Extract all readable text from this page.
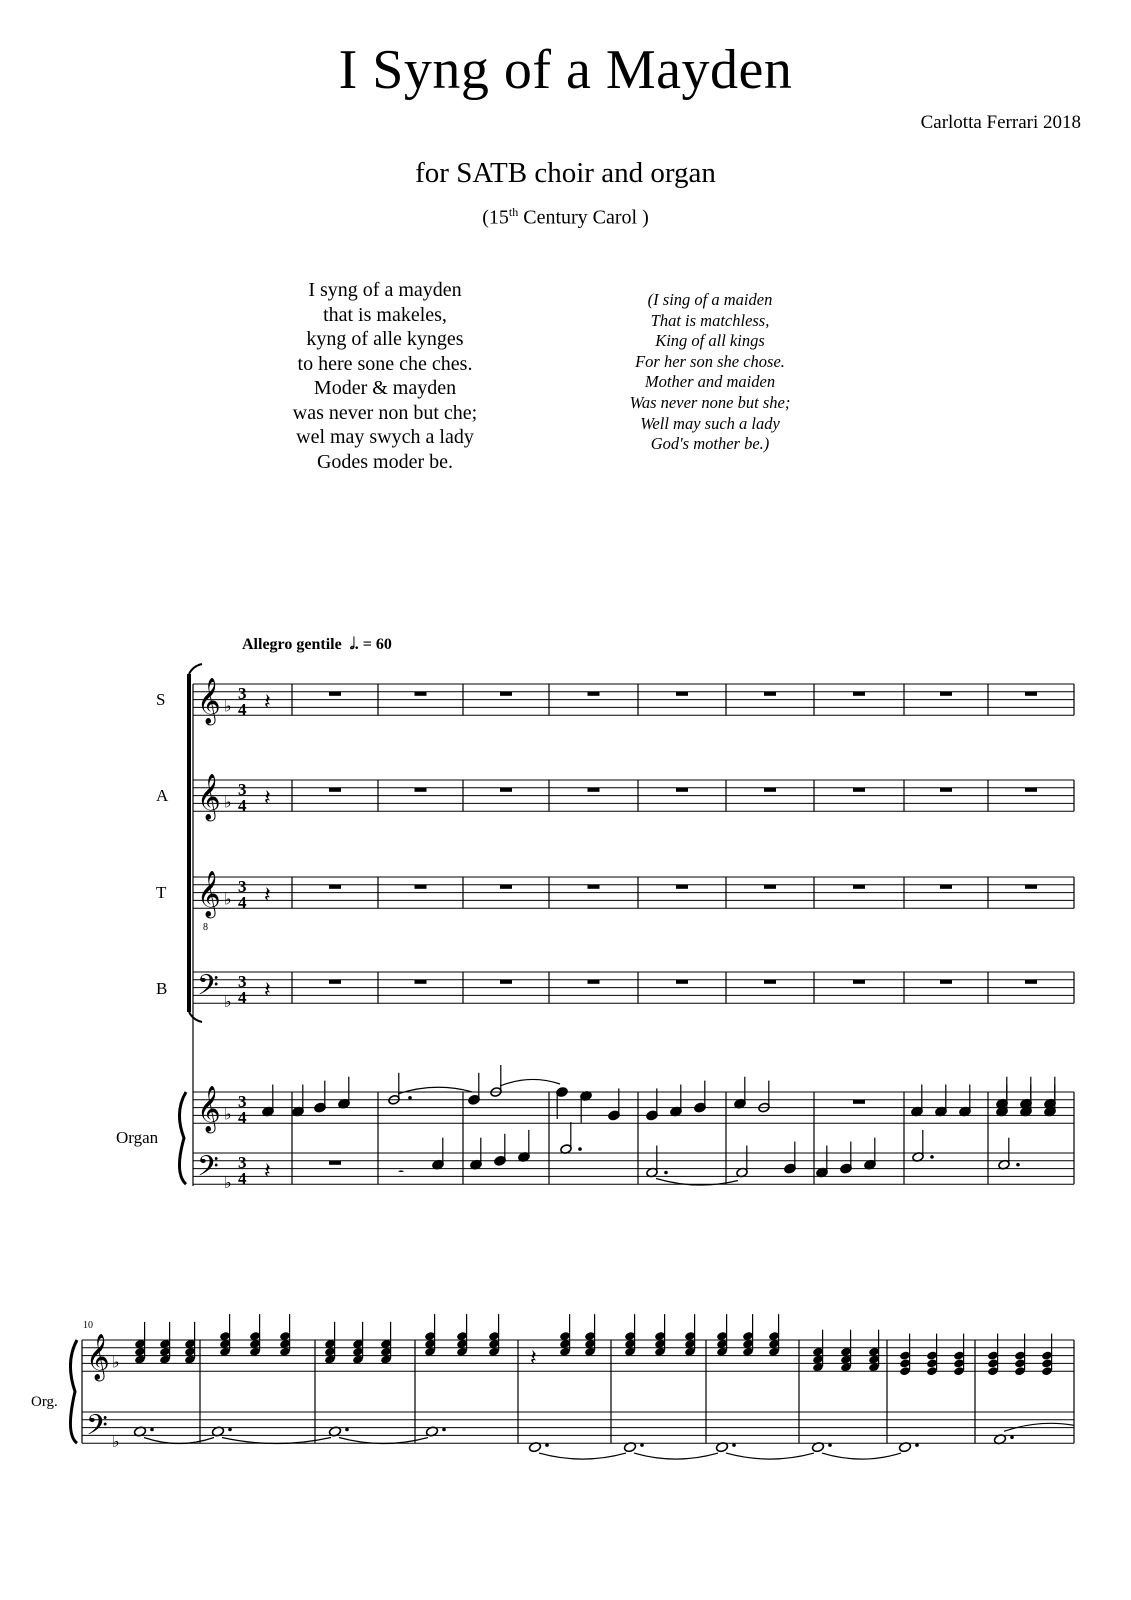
I Syng of a Mayden
Carlotta Ferrari 2018
for SATB choir and organ
(15th Century Carol )
I syng of a mayden
that is makeles,
kyng of alle kynges
to here sone che ches.
Moder & mayden
was never non but che;
wel may swych a lady
Godes moder be.
(I sing of a maiden
That is matchless,
King of all kings
For her son she chose.
Mother and maiden
Was never none but she;
Well may such a lady
God's mother be.)
Allegro gentile 𝅗𝅥. = 60
S
A
T
B
Organ
Org.
10
𝄞 ♭
3
4 𝄽
𝄞 ♭
3
4 𝄽
𝄞 ♭
3
4 𝄽
𝄢 ♭
3
4 𝄽
8
𝄞 ♭
3
4
𝄢 ♭
3
4 𝄽	𝄼
𝄞 ♭
𝄢 ♭
𝄽
